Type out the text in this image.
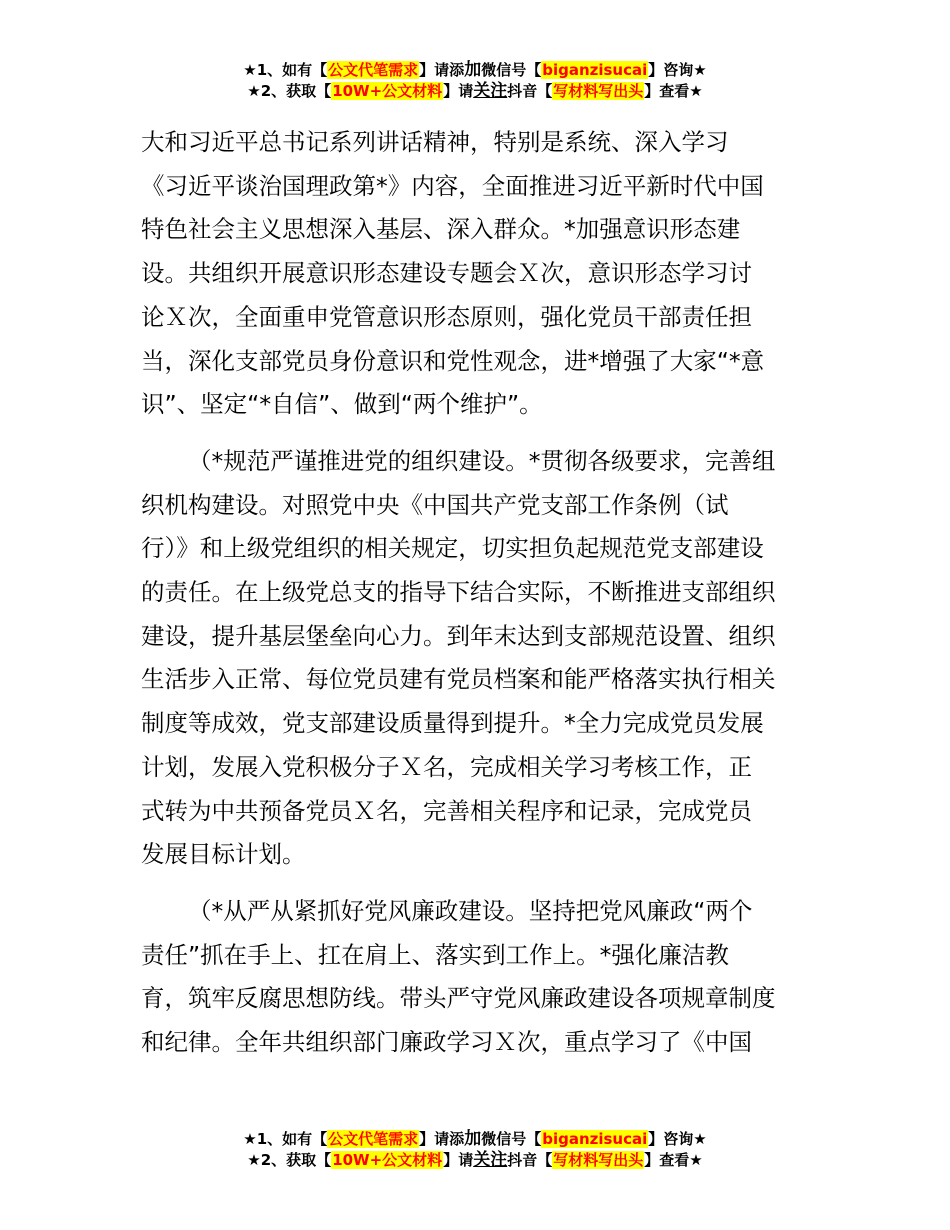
★1、如有【公文代笔需求】请添加微信号【biganzisucai】咨询★
★2、获取【10W+公文材料】请关注抖音【写材料写出头】查看★

大和习近平总书记系列讲话精神，特别是系统、深入学习
《习近平谈治国理政第*》内容，全面推进习近平新时代中国
特色社会主义思想深入基层、深入群众。*加强意识形态建
设。共组织开展意识形态建设专题会Ｘ次，意识形态学习讨
论Ｘ次，全面重申党管意识形态原则，强化党员干部责任担
当，深化支部党员身份意识和党性观念，进*增强了大家“*意
识”、坚定“*自信”、做到“两个维护”。

（*规范严谨推进党的组织建设。*贯彻各级要求，完善组
织机构建设。对照党中央《中国共产党支部工作条例（试
行）》和上级党组织的相关规定，切实担负起规范党支部建设
的责任。在上级党总支的指导下结合实际，不断推进支部组织
建设，提升基层堡垒向心力。到年末达到支部规范设置、组织
生活步入正常、每位党员建有党员档案和能严格落实执行相关
制度等成效，党支部建设质量得到提升。*全力完成党员发展
计划，发展入党积极分子Ｘ名，完成相关学习考核工作，正
式转为中共预备党员Ｘ名，完善相关程序和记录，完成党员
发展目标计划。

（*从严从紧抓好党风廉政建设。坚持把党风廉政“两个
责任”抓在手上、扛在肩上、落实到工作上。*强化廉洁教
育，筑牢反腐思想防线。带头严守党风廉政建设各项规章制度
和纪律。全年共组织部门廉政学习Ｘ次，重点学习了《中国

★1、如有【公文代笔需求】请添加微信号【biganzisucai】咨询★
★2、获取【10W+公文材料】请关注抖音【写材料写出头】查看★
